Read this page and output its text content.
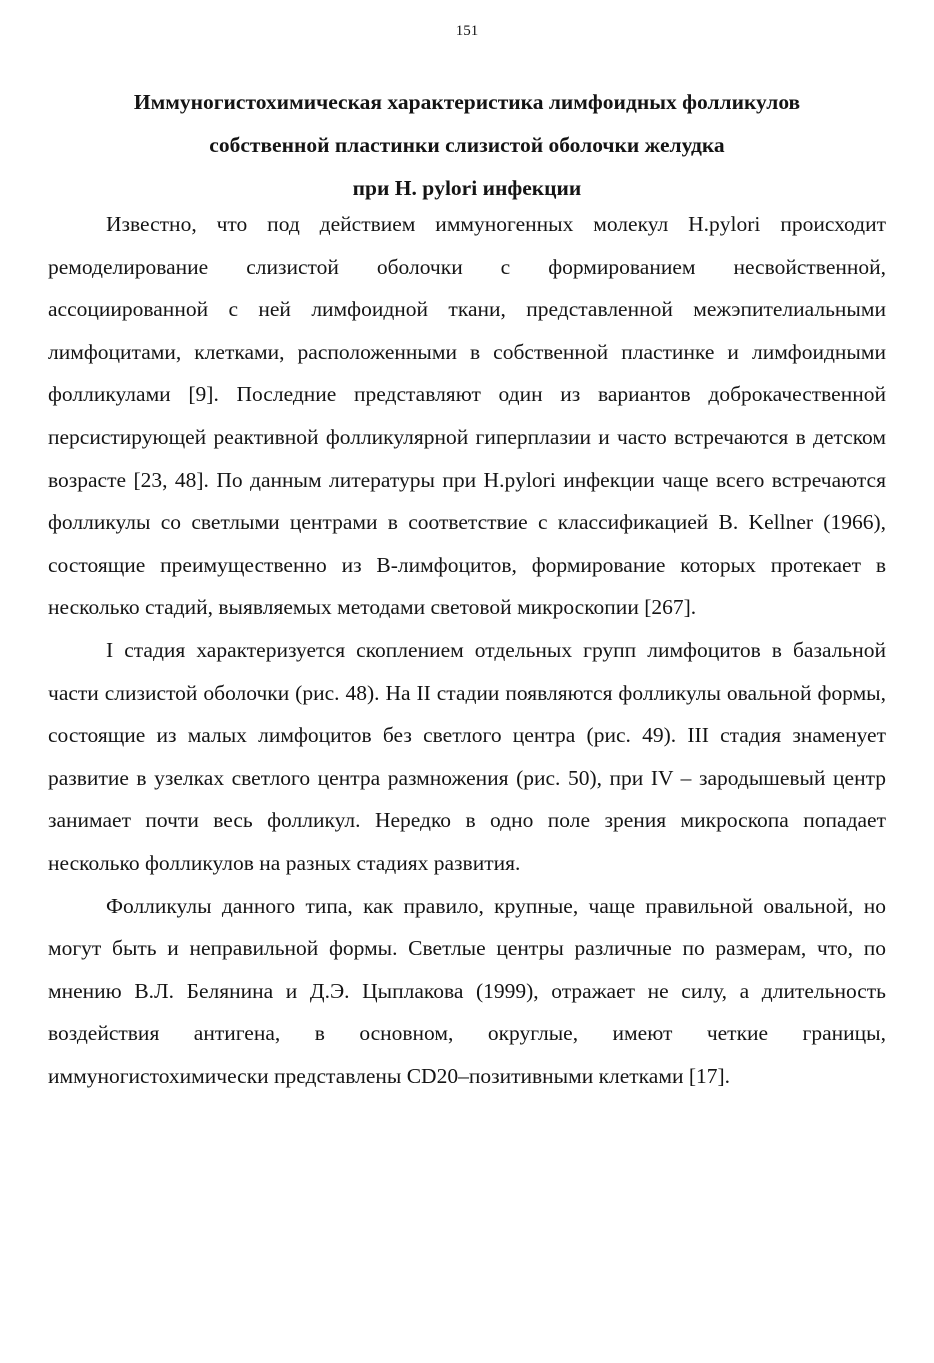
151
Иммуногистохимическая характеристика лимфоидных фолликулов
собственной пластинки слизистой оболочки желудка
при H. pylori инфекции

Известно, что под действием иммуногенных молекул H.pylori происходит ремоделирование слизистой оболочки с формированием несвойственной, ассоциированной с ней лимфоидной ткани, представленной межэпителиальными лимфоцитами, клетками, расположенными в собственной пластинке и лимфоидными фолликулами [9]. Последние представляют один из вариантов доброкачественной персистирующей реактивной фолликулярной гиперплазии и часто встречаются в детском возрасте [23, 48]. По данным литературы при H.pylori инфекции чаще всего встречаются фолликулы со светлыми центрами в соответствие с классификацией B. Kellner (1966), состоящие преимущественно из B-лимфоцитов, формирование которых протекает в несколько стадий, выявляемых методами световой микроскопии [267].

I стадия характеризуется скоплением отдельных групп лимфоцитов в базальной части слизистой оболочки (рис. 48). На II стадии появляются фолликулы овальной формы, состоящие из малых лимфоцитов без светлого центра (рис. 49). III стадия знаменует развитие в узелках светлого центра размножения (рис. 50), при IV – зародышевый центр занимает почти весь фолликул. Нередко в одно поле зрения микроскопа попадает несколько фолликулов на разных стадиях развития.

Фолликулы данного типа, как правило, крупные, чаще правильной овальной, но могут быть и неправильной формы. Светлые центры различные по размерам, что, по мнению В.Л. Белянина и Д.Э. Цыплакова (1999), отражает не силу, а длительность воздействия антигена, в основном, округлые, имеют четкие границы, иммуногистохимически представлены CD20–позитивными клетками [17].
